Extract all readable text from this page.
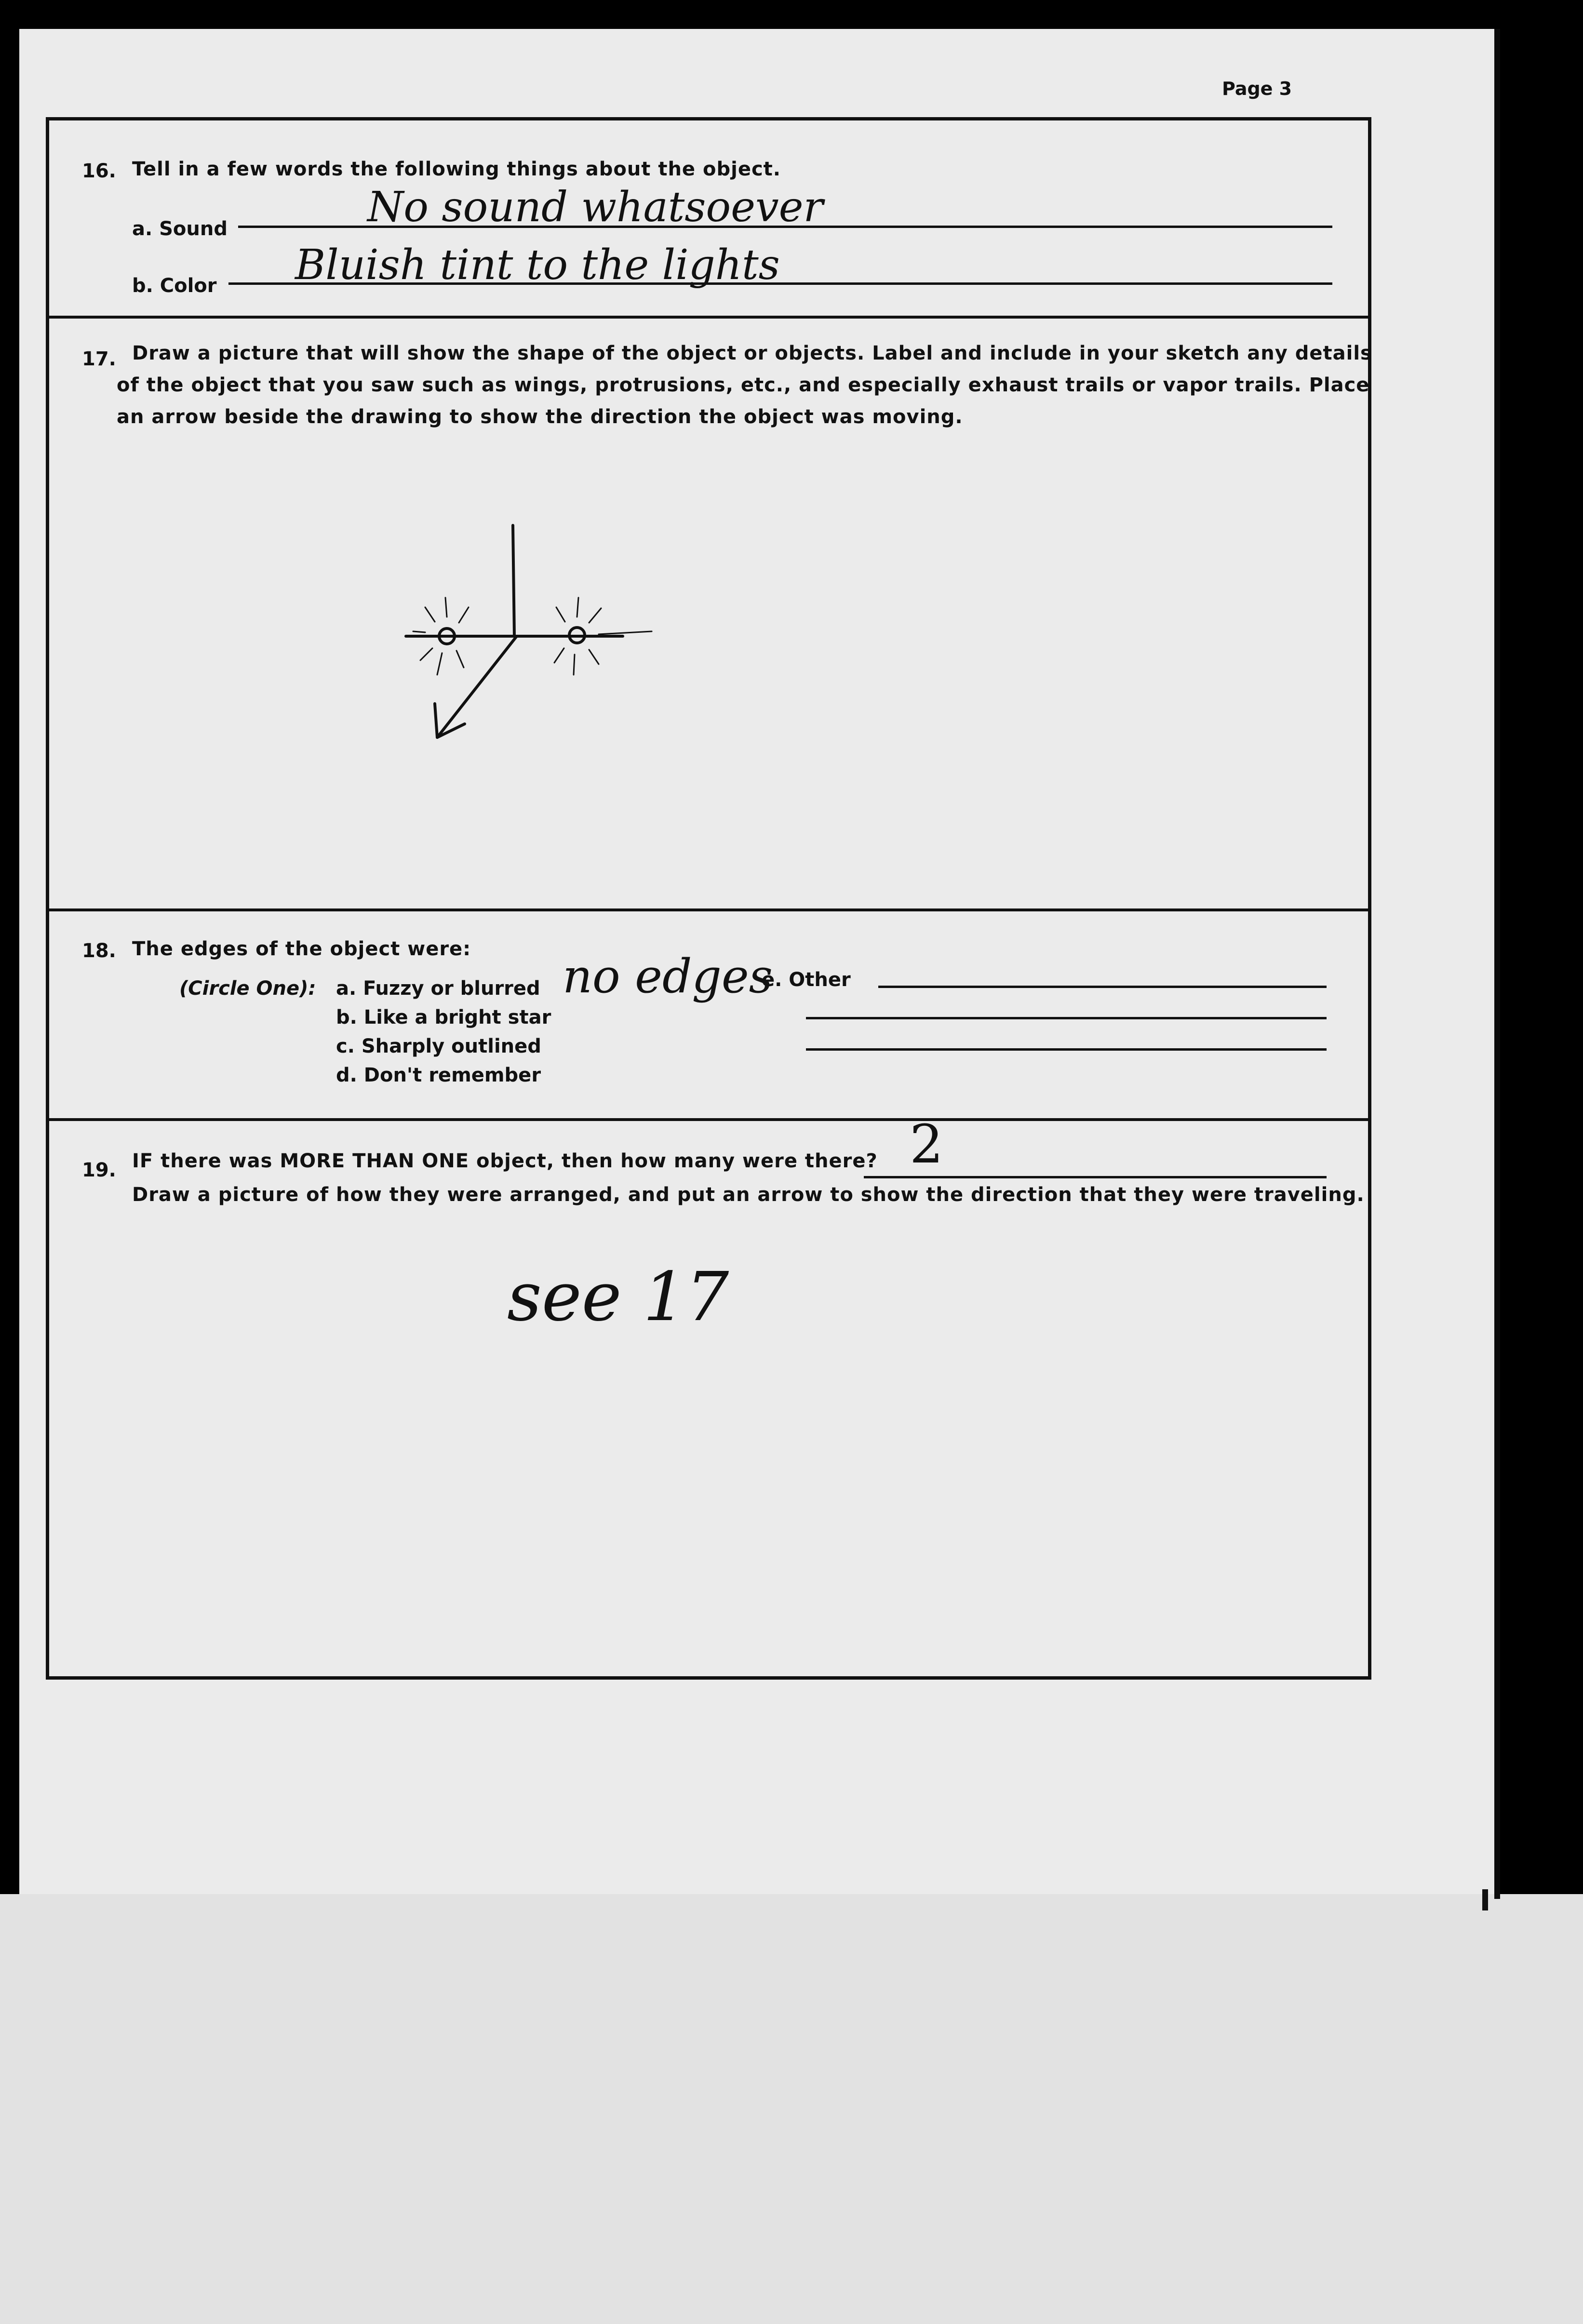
Page 3
16. Tell in a few words the following things about the object.
a. Sound	No sound whatsoever
b. Color Bluish tint to the lights
17. Draw a picture that will show the shape of the object or objects. Label and include in your sketch any details
of the object that you saw such as wings, protrusions, etc., and especially exhaust trails or vapor trails. Place
an arrow beside the drawing to show the direction the object was moving.
18. The edges of the object were:
(Circle One): a. Fuzzy or blurred
b. Like a bright star
c. Sharply outlined
d. Don't remember
no edges
e. Other
19. IF there was MORE THAN ONE object, then how many were there? 2
Draw a picture of how they were arranged, and put an arrow to show the direction that they were traveling.
see 17
